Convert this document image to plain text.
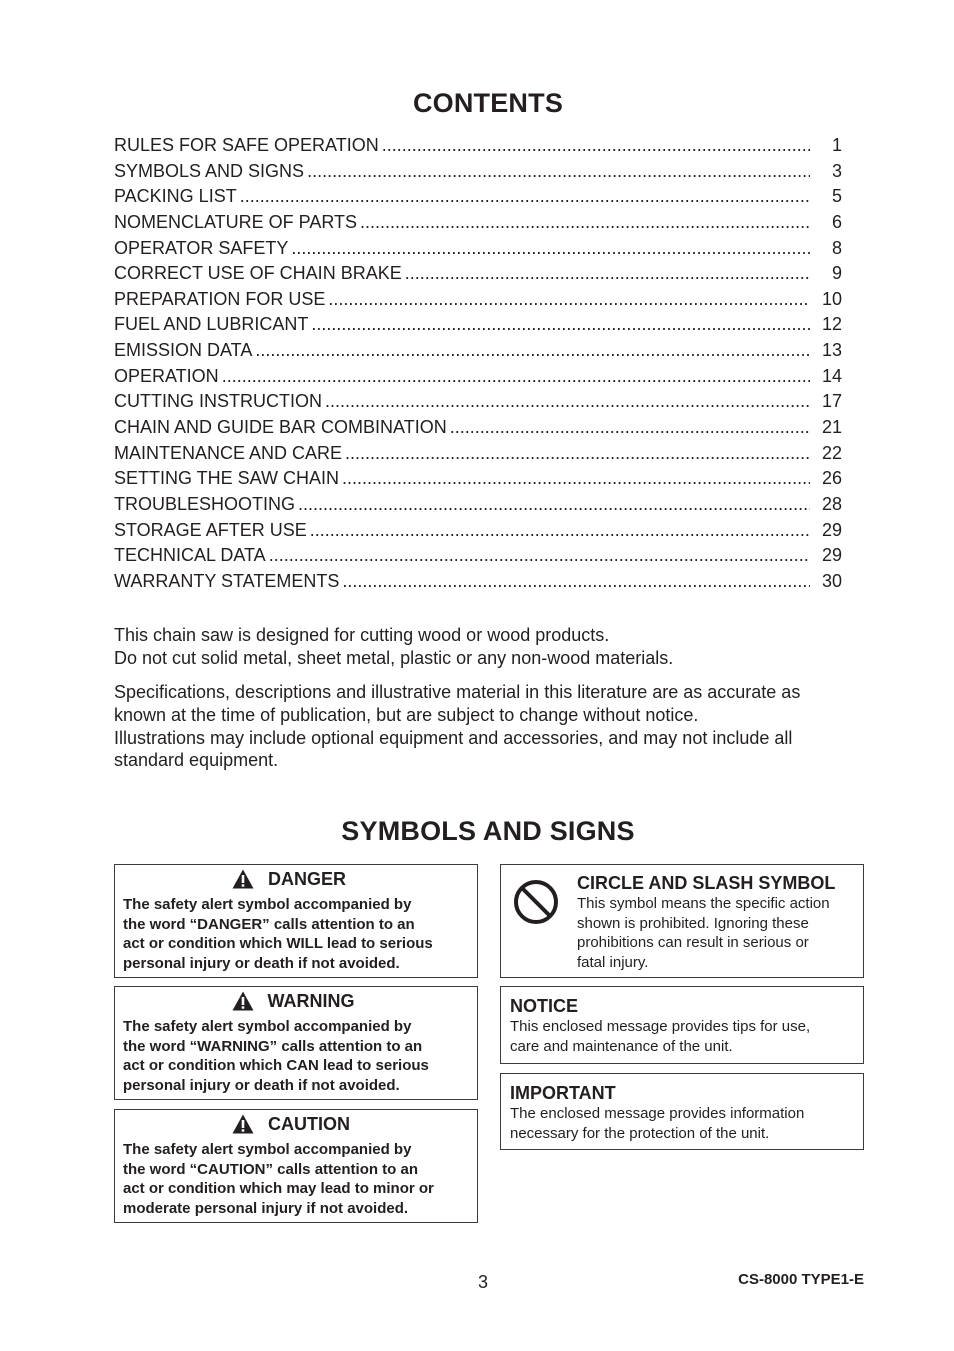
CONTENTS
RULES FOR SAFE OPERATION .....	1
SYMBOLS AND SIGNS .....	3
PACKING LIST .....	5
NOMENCLATURE OF PARTS .....	6
OPERATOR SAFETY .....	8
CORRECT USE OF CHAIN BRAKE .....	9
PREPARATION FOR USE .....	10
FUEL AND LUBRICANT .....	12
EMISSION DATA .....	13
OPERATION .....	14
CUTTING INSTRUCTION .....	17
CHAIN AND GUIDE BAR COMBINATION .....	21
MAINTENANCE AND CARE .....	22
SETTING THE SAW CHAIN .....	26
TROUBLESHOOTING .....	28
STORAGE AFTER USE .....	29
TECHNICAL DATA .....	29
WARRANTY STATEMENTS .....	30
This chain saw is designed for cutting wood or wood products.
Do not cut solid metal, sheet metal, plastic or any non-wood materials.
Specifications, descriptions and illustrative material in this literature are as accurate as
known at the time of publication, but are subject to change without notice.
Illustrations may include optional equipment and accessories, and may not include all
standard equipment.
SYMBOLS AND SIGNS
DANGER
The safety alert symbol accompanied by
the word “DANGER” calls attention to an
act or condition which WILL lead to serious
personal injury or death if not avoided.
WARNING
The safety alert symbol accompanied by
the word “WARNING” calls attention to an
act or condition which CAN lead to serious
personal injury or death if not avoided.
CAUTION
The safety alert symbol accompanied by
the word “CAUTION” calls attention to an
act or condition which may lead to minor or
moderate personal injury if not avoided.
CIRCLE AND SLASH SYMBOL
This symbol means the specific action
shown is prohibited. Ignoring these
prohibitions can result in serious or
fatal injury.
NOTICE
This enclosed message provides tips for use,
care and maintenance of the unit.
IMPORTANT
The enclosed message provides information
necessary for the protection of the unit.
3	CS-8000 TYPE1-E
